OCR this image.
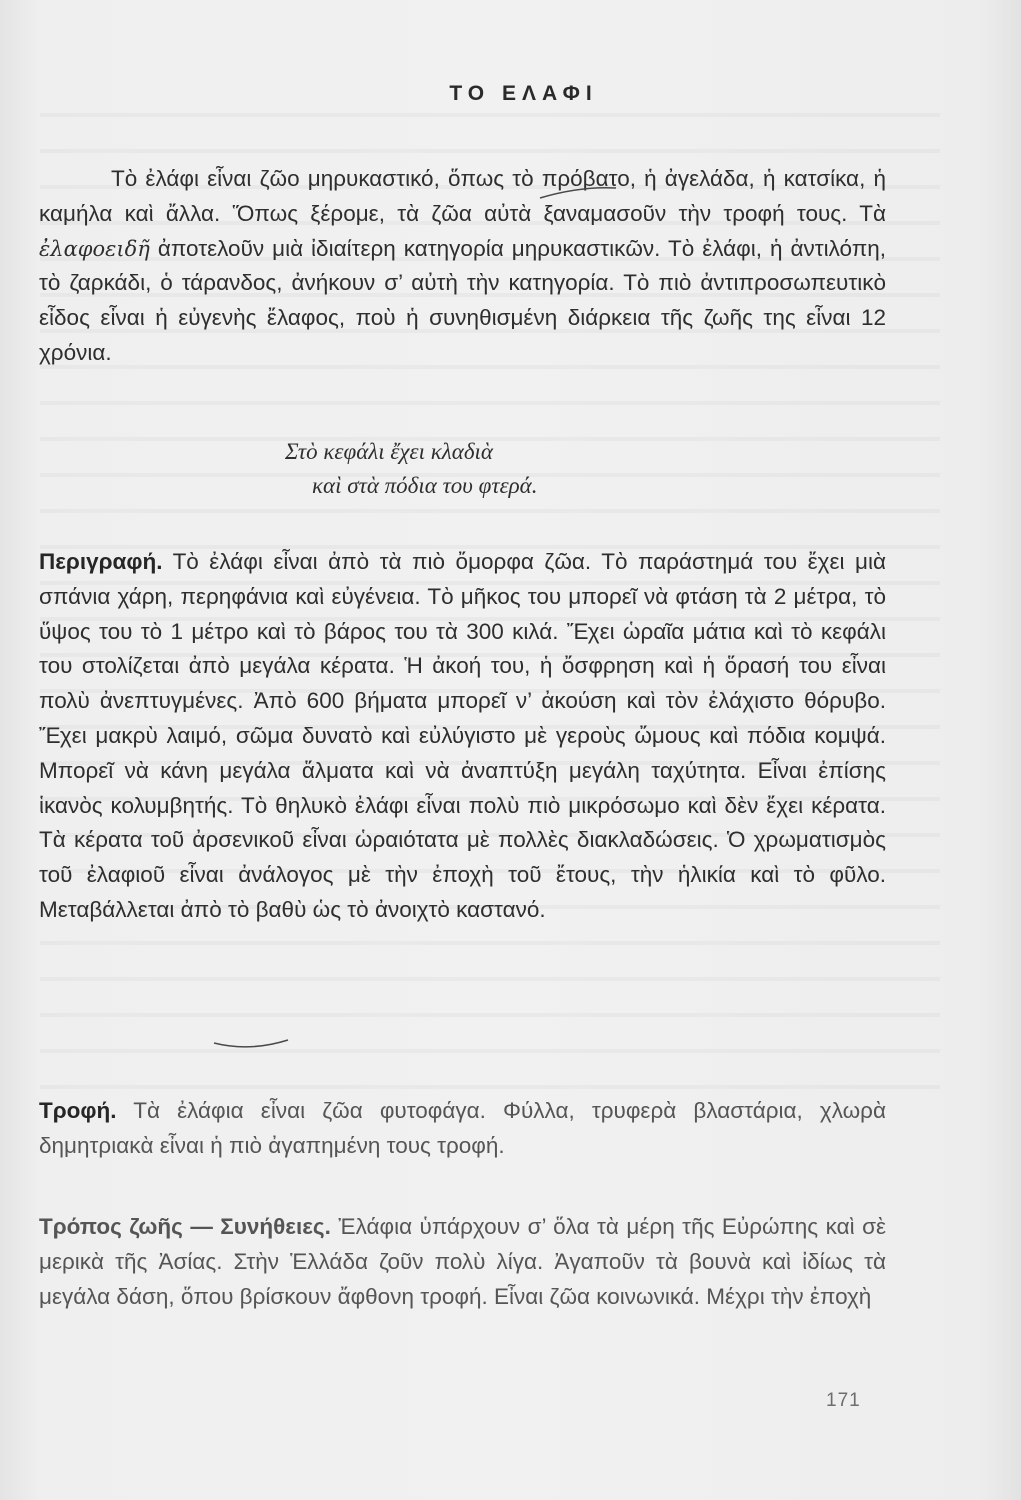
ΤΟ ΕΛΑΦΙ

Τὸ ἐλάφι εἶναι ζῶο μηρυκαστικό, ὅπως τὸ πρόβατο, ἡ ἀγελάδα, ἡ κατσίκα, ἡ καμήλα καὶ ἄλλα. Ὅπως ξέρομε, τὰ ζῶα αὐτὰ ξαναμασοῦν τὴν τροφή τους. Τὰ ἐλαφοειδῆ ἀποτελοῦν μιὰ ἰδιαίτερη κατηγορία μηρυκαστικῶν. Τὸ ἐλάφι, ἡ ἀντιλόπη, τὸ ζαρκάδι, ὁ τάρανδος, ἀνήκουν σ’ αὐτὴ τὴν κατηγορία. Τὸ πιὸ ἀντιπροσωπευτικὸ εἶδος εἶναι ἡ εὐγενὴς ἔλαφος, ποὺ ἡ συνηθισμένη διάρκεια τῆς ζωῆς της εἶναι 12 χρόνια.

Στὸ κεφάλι ἔχει κλαδιὰ
καὶ στὰ πόδια του φτερά.

Περιγραφή. Τὸ ἐλάφι εἶναι ἀπὸ τὰ πιὸ ὄμορφα ζῶα. Τὸ παράστημά του ἔχει μιὰ σπάνια χάρη, περηφάνια καὶ εὐγένεια. Τὸ μῆκος του μπορεῖ νὰ φτάση τὰ 2 μέτρα, τὸ ὕψος του τὸ 1 μέτρο καὶ τὸ βάρος του τὰ 300 κιλά. Ἔχει ὡραῖα μάτια καὶ τὸ κεφάλι του στολίζεται ἀπὸ μεγάλα κέρατα. Ἡ ἀκοή του, ἡ ὄσφρηση καὶ ἡ ὅρασή του εἶναι πολὺ ἀνεπτυγμένες. Ἀπὸ 600 βήματα μπορεῖ ν’ ἀκούση καὶ τὸν ἐλάχιστο θόρυβο. Ἔχει μακρὺ λαιμό, σῶμα δυνατὸ καὶ εὐλύγιστο μὲ γεροὺς ὤμους καὶ πόδια κομψά. Μπορεῖ νὰ κάνη μεγάλα ἅλματα καὶ νὰ ἀναπτύξη μεγάλη ταχύτητα. Εἶναι ἐπίσης ἱκανὸς κολυμβητής. Τὸ θηλυκὸ ἐλάφι εἶναι πολὺ πιὸ μικρόσωμο καὶ δὲν ἔχει κέρατα. Τὰ κέρατα τοῦ ἀρσενικοῦ εἶναι ὡραιότατα μὲ πολλὲς διακλαδώσεις. Ὁ χρωματισμὸς τοῦ ἐλαφιοῦ εἶναι ἀνάλογος μὲ τὴν ἐποχὴ τοῦ ἔτους, τὴν ἡλικία καὶ τὸ φῦλο. Μεταβάλλεται ἀπὸ τὸ βαθὺ ὡς τὸ ἀνοιχτὸ καστανό.

Τροφή. Τὰ ἐλάφια εἶναι ζῶα φυτοφάγα. Φύλλα, τρυφερὰ βλαστάρια, χλωρὰ δημητριακὰ εἶναι ἡ πιὸ ἀγαπημένη τους τροφή.

Τρόπος ζωῆς — Συνήθειες. Ἐλάφια ὑπάρχουν σ’ ὅλα τὰ μέρη τῆς Εὐρώπης καὶ σὲ μερικὰ τῆς Ἀσίας. Στὴν Ἑλλάδα ζοῦν πολὺ λίγα. Ἀγαποῦν τὰ βουνὰ καὶ ἰδίως τὰ μεγάλα δάση, ὅπου βρίσκουν ἄφθονη τροφή. Εἶναι ζῶα κοινωνικά. Μέχρι τὴν ἐποχὴ

171
